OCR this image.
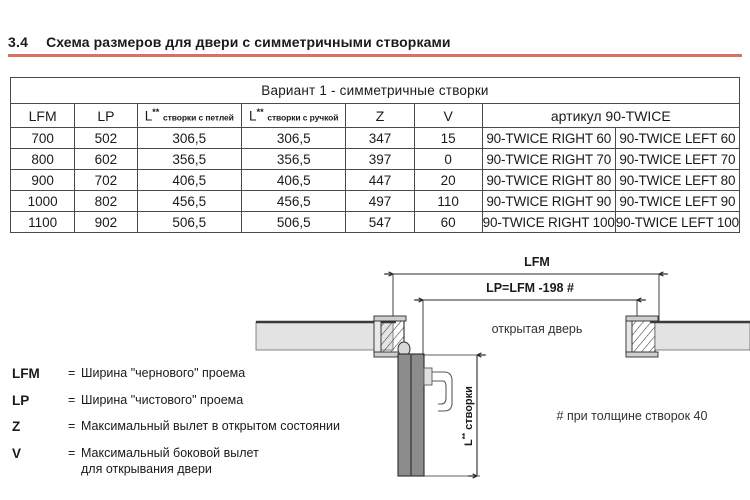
3.4 Схема размеров для двери с симметричными створками
Вариант 1 - симметричные створки							
LFM	LP	L** створки с петлей	L** створки с ручкой	Z	V	артикул 90-TWICE	
700	502	306,5	306,5	347	15	90-TWICE RIGHT 60	90-TWICE LEFT 60
800	602	356,5	356,5	397	0	90-TWICE RIGHT 70	90-TWICE LEFT 70
900	702	406,5	406,5	447	20	90-TWICE RIGHT 80	90-TWICE LEFT 80
1000	802	456,5	456,5	497	110	90-TWICE RIGHT 90	90-TWICE LEFT 90
1100	902	506,5	506,5	547	60	90-TWICE RIGHT 100	90-TWICE LEFT 100
LFM	= Ширина "чернового" проема
LP	= Ширина "чистового" проема
Z	= Максимальный вылет в открытом состоянии
V	= Максимальный боковой вылет
для открывания двери
LFM
LP=LFM -198 #
открытая дверь
L** створки	# при толщине створок 40
